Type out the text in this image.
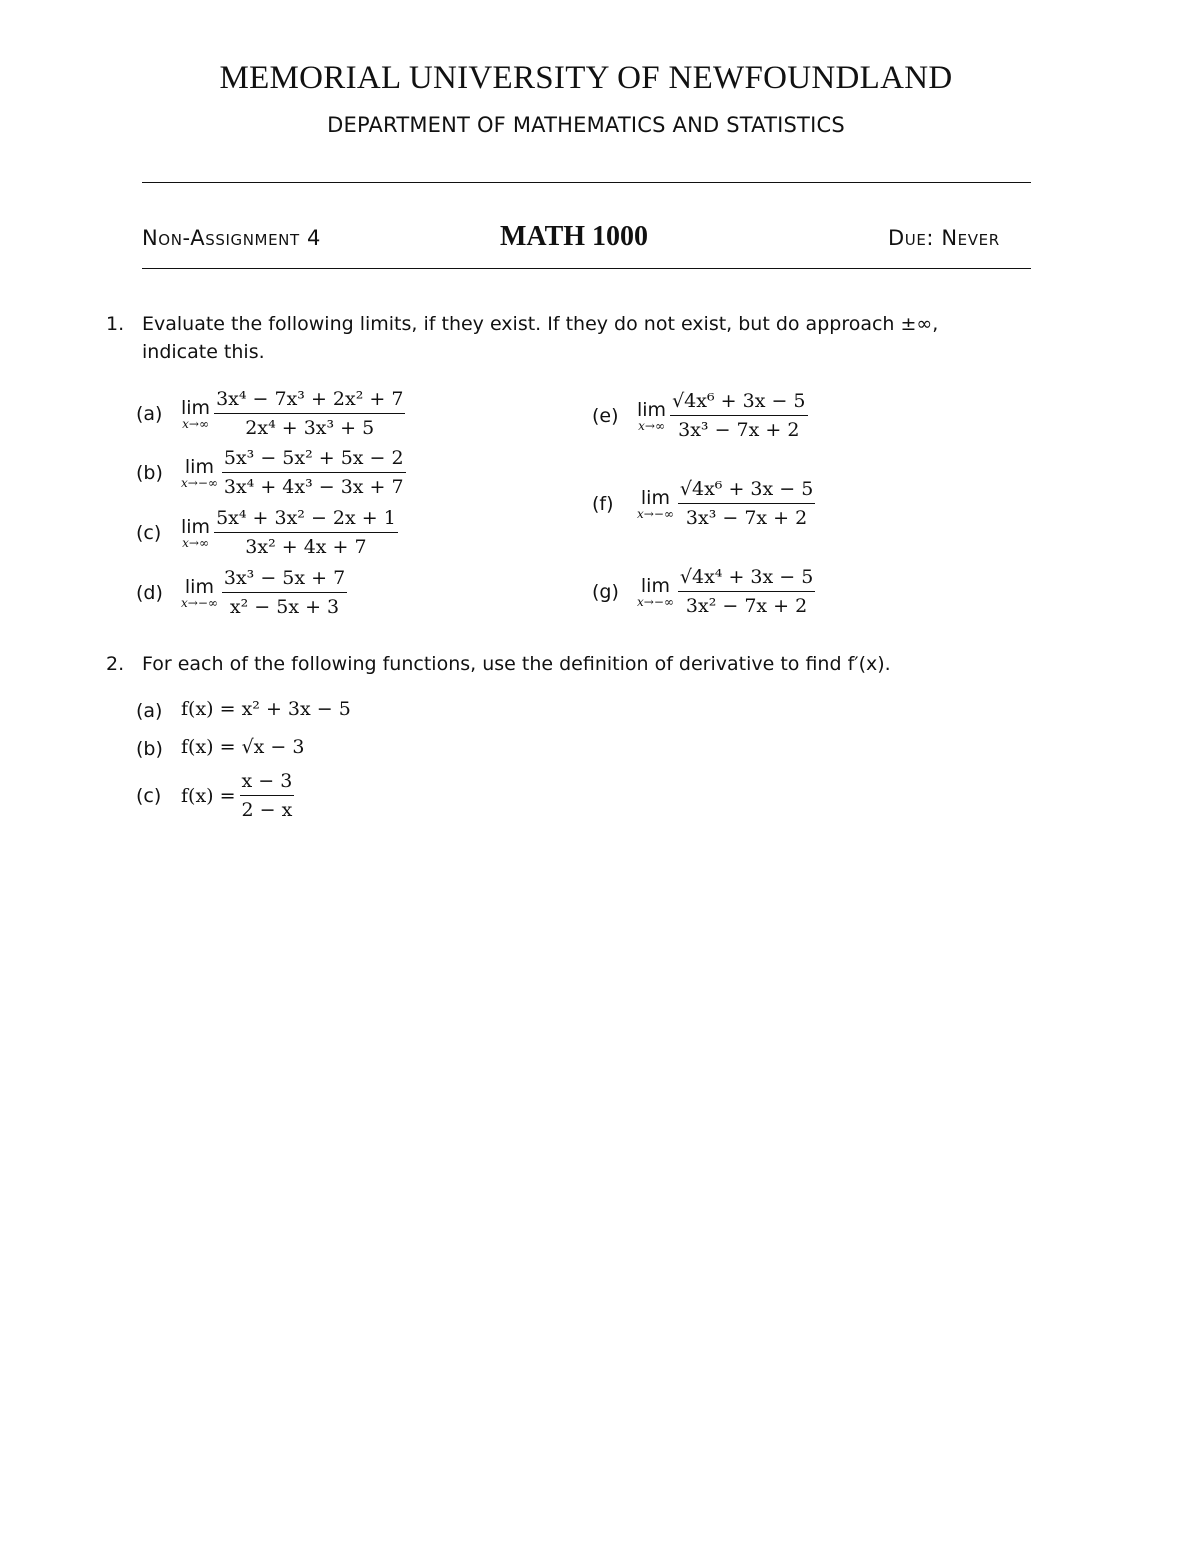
MEMORIAL UNIVERSITY OF NEWFOUNDLAND
DEPARTMENT OF MATHEMATICS AND STATISTICS
Non-Assignment 4	MATH 1000	Due: Never
1. Evaluate the following limits, if they exist. If they do not exist, but do approach ±∞,
indicate this.
(a) lim
$x\to\infty \frac{\text{3x⁴ − 7x³ + 2x² + 7}}{\text{2x⁴ + 3x³ + 5}}$
(b) lim
$x\to-\infty \frac{\text{5x³ − 5x² + 5x − 2}}{\text{3x⁴ + 4x³ − 3x + 7}}$
(c) lim
$x\to\infty \frac{\text{5x⁴ + 3x² − 2x + 1}}{\text{3x² + 4x + 7}}$
(d) lim
$x\to-\infty \frac{\text{3x³ − 5x + 7}}{\text{x² − 5x + 3}}$
(e) lim
$x\to\infty \frac{\text{√4x⁶ + 3x − 5}}{\text{3x³ − 7x + 2}}$
(f) lim
$x\to-\infty \frac{\text{√4x⁶ + 3x − 5}}{\text{3x³ − 7x + 2}}$
(g) lim
$x\to-\infty \frac{\text{√4x⁴ + 3x − 5}}{\text{3x² − 7x + 2}}$
2. For each of the following functions, use the definition of derivative to find f′(x).
(a) f(x) = x² + 3x − 5
(b) f(x) = √x − 3
(c) $f(x) = \frac{x - 3}{2 - x}$
